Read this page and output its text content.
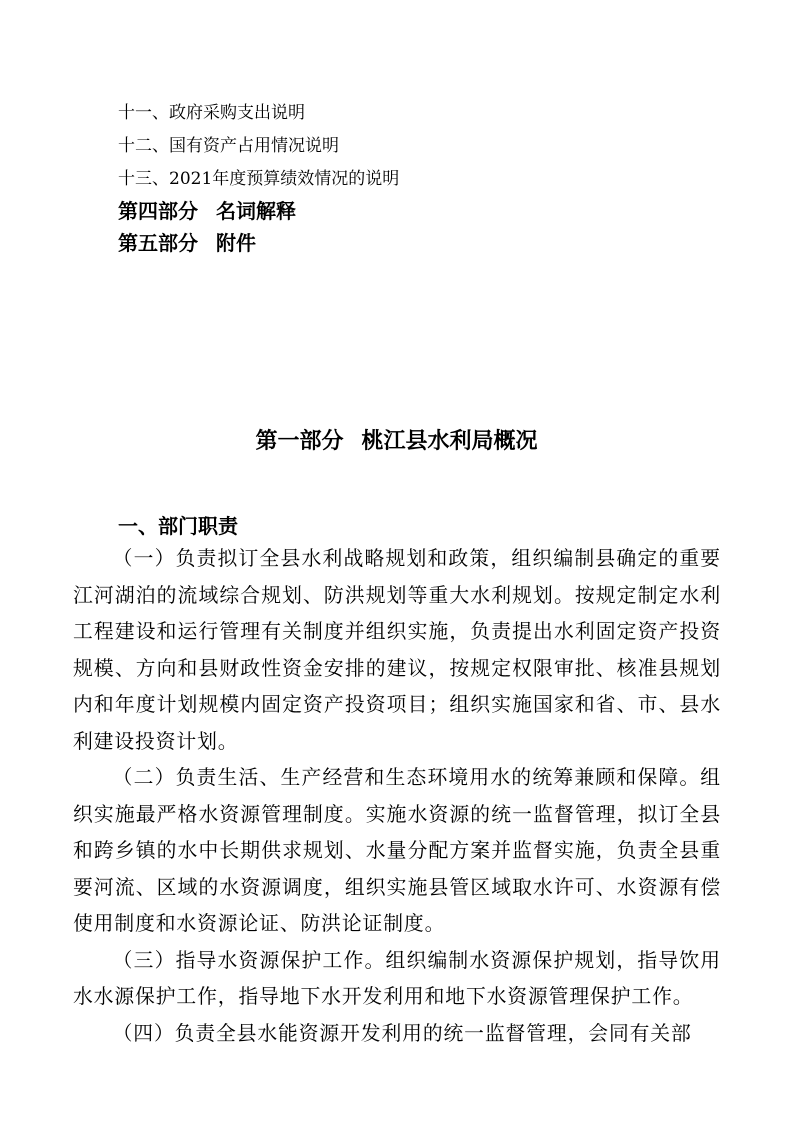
十一、政府采购支出说明
十二、国有资产占用情况说明
十三、2021年度预算绩效情况的说明
第四部分 名词解释
第五部分 附件
第一部分 桃江县水利局概况
一、部门职责

（一）负责拟订全县水利战略规划和政策，组织编制县确定的重要江河湖泊的流域综合规划、防洪规划等重大水利规划。按规定制定水利工程建设和运行管理有关制度并组织实施，负责提出水利固定资产投资规模、方向和县财政性资金安排的建议，按规定权限审批、核准县规划内和年度计划规模内固定资产投资项目；组织实施国家和省、市、县水利建设投资计划。

（二）负责生活、生产经营和生态环境用水的统筹兼顾和保障。组织实施最严格水资源管理制度。实施水资源的统一监督管理，拟订全县和跨乡镇的水中长期供求规划、水量分配方案并监督实施，负责全县重要河流、区域的水资源调度，组织实施县管区域取水许可、水资源有偿使用制度和水资源论证、防洪论证制度。

（三）指导水资源保护工作。组织编制水资源保护规划，指导饮用水水源保护工作，指导地下水开发利用和地下水资源管理保护工作。

（四）负责全县水能资源开发利用的统一监督管理，会同有关部
